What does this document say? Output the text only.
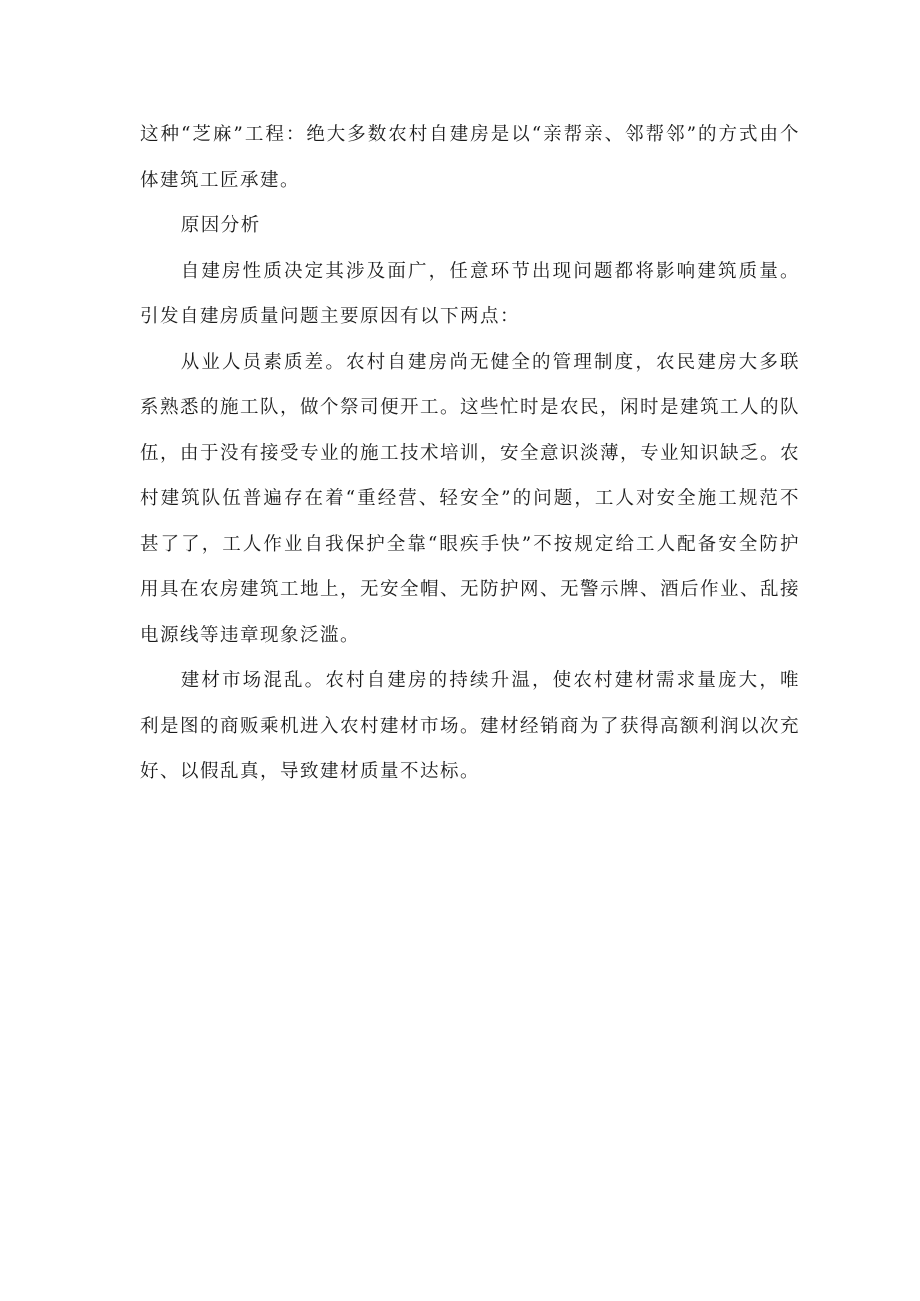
这种“芝麻”工程：绝大多数农村自建房是以“亲帮亲、邻帮邻”的方式由个体建筑工匠承建。

原因分析

自建房性质决定其涉及面广，任意环节出现问题都将影响建筑质量。引发自建房质量问题主要原因有以下两点：

从业人员素质差。农村自建房尚无健全的管理制度，农民建房大多联系熟悉的施工队，做个祭司便开工。这些忙时是农民，闲时是建筑工人的队伍，由于没有接受专业的施工技术培训，安全意识淡薄，专业知识缺乏。农村建筑队伍普遍存在着“重经营、轻安全”的问题，工人对安全施工规范不甚了了，工人作业自我保护全靠“眼疾手快”不按规定给工人配备安全防护用具在农房建筑工地上，无安全帽、无防护网、无警示牌、酒后作业、乱接电源线等违章现象泛滥。

建材市场混乱。农村自建房的持续升温，使农村建材需求量庞大，唯利是图的商贩乘机进入农村建材市场。建材经销商为了获得高额利润以次充好、以假乱真，导致建材质量不达标。
